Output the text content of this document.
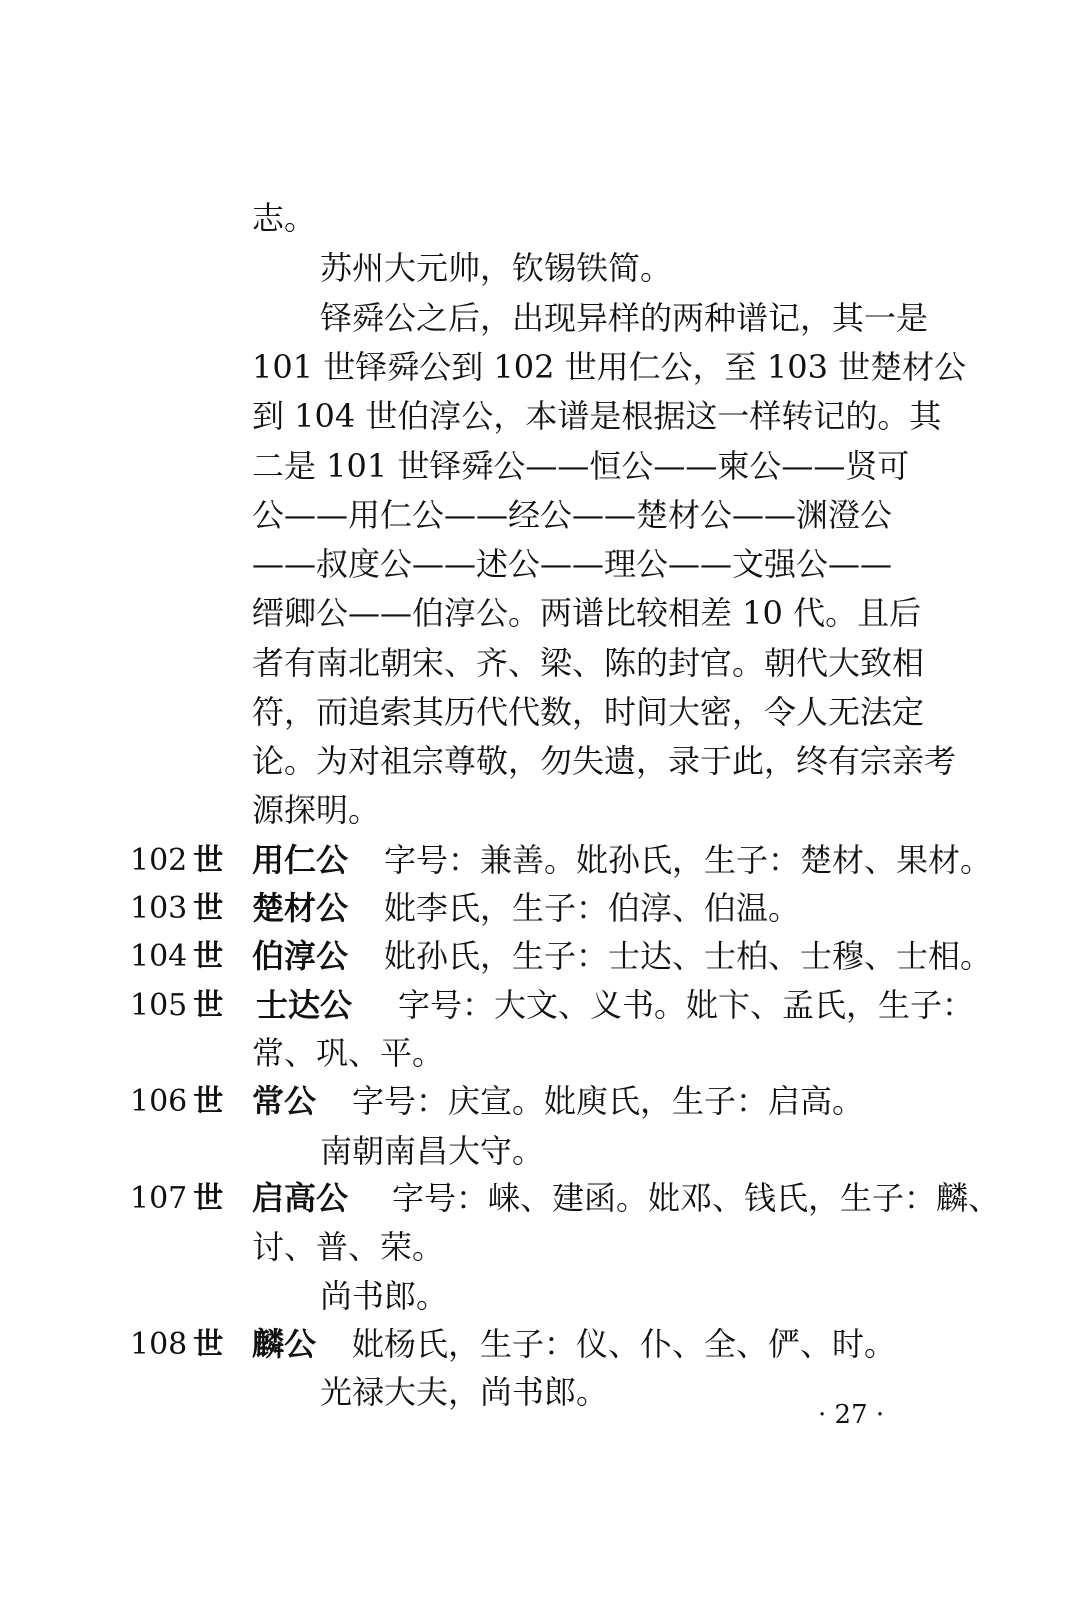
志。
苏州大元帅，钦锡铁简。
铎舜公之后，出现异样的两种谱记，其一是
101 世铎舜公到 102 世用仁公，至 103 世楚材公
到 104 世伯淳公，本谱是根据这一样转记的。其
二是 101 世铎舜公——恒公——柬公——贤可
公——用仁公——经公——楚材公——渊澄公
——叔度公——述公——理公——文强公——
缙卿公——伯淳公。两谱比较相差 10 代。且后
者有南北朝宋、齐、梁、陈的封官。朝代大致相
符，而追索其历代代数，时间大密，令人无法定
论。为对祖宗尊敬，勿失遗，录于此，终有宗亲考
源探明。
102 世 用仁公 字号：兼善。妣孙氏，生子：楚材、果材。
103 世 楚材公 妣李氏，生子：伯淳、伯温。
104 世 伯淳公 妣孙氏，生子：士达、士柏、士穆、士相。
105 世 士达公 字号：大文、义书。妣卞、孟氏，生子：
常、巩、平。
106 世 常公 字号：庆宣。妣庾氏，生子：启高。
南朝南昌大守。
107 世 启高公 字号：崃、建函。妣邓、钱氏，生子：麟、
讨、普、荣。
尚书郎。
108 世 麟公 妣杨氏，生子：仪、仆、全、俨、时。
光禄大夫，尚书郎。
· 27 ·
